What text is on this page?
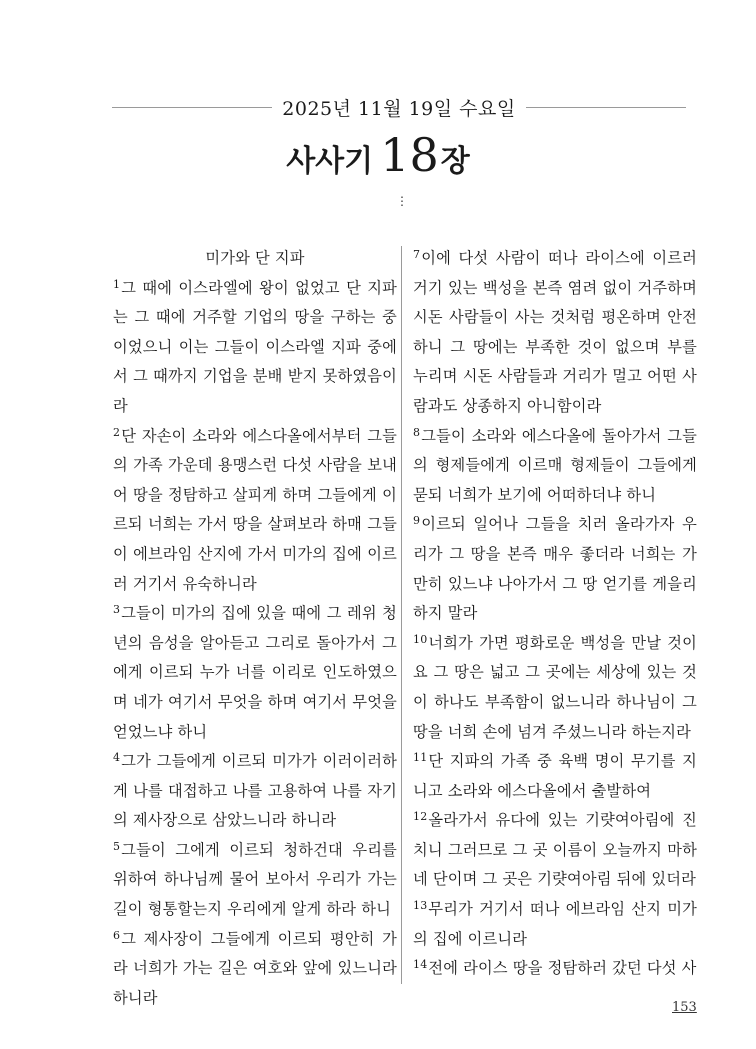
2025년 11월 19일 수요일
사사기 18장
⋮
미가와 단 지파

$^1$그 때에 이스라엘에 왕이 없었고 단 지파는 그 때에 거주할 기업의 땅을 구하는 중이었으니 이는 그들이 이스라엘 지파 중에서 그 때까지 기업을 분배 받지 못하였음이라

$^2$단 자손이 소라와 에스다올에서부터 그들의 가족 가운데 용맹스런 다섯 사람을 보내어 땅을 정탐하고 살피게 하며 그들에게 이르되 너희는 가서 땅을 살펴보라 하매 그들이 에브라임 산지에 가서 미가의 집에 이르러 거기서 유숙하니라

$^3$그들이 미가의 집에 있을 때에 그 레위 청년의 음성을 알아듣고 그리로 돌아가서 그에게 이르되 누가 너를 이리로 인도하였으며 네가 여기서 무엇을 하며 여기서 무엇을 얻었느냐 하니

$^4$그가 그들에게 이르되 미가가 이러이러하게 나를 대접하고 나를 고용하여 나를 자기의 제사장으로 삼았느니라 하니라

$^5$그들이 그에게 이르되 청하건대 우리를 위하여 하나님께 물어 보아서 우리가 가는 길이 형통할는지 우리에게 알게 하라 하니

$^6$그 제사장이 그들에게 이르되 평안히 가라 너희가 가는 길은 여호와 앞에 있느니라 하니라

$^7$이에 다섯 사람이 떠나 라이스에 이르러 거기 있는 백성을 본즉 염려 없이 거주하며 시돈 사람들이 사는 것처럼 평온하며 안전하니 그 땅에는 부족한 것이 없으며 부를 누리며 시돈 사람들과 거리가 멀고 어떤 사람과도 상종하지 아니함이라

$^8$그들이 소라와 에스다올에 돌아가서 그들의 형제들에게 이르매 형제들이 그들에게 묻되 너희가 보기에 어떠하더냐 하니

$^9$이르되 일어나 그들을 치러 올라가자 우리가 그 땅을 본즉 매우 좋더라 너희는 가만히 있느냐 나아가서 그 땅 얻기를 게을리 하지 말라

$^{10}$너희가 가면 평화로운 백성을 만날 것이요 그 땅은 넓고 그 곳에는 세상에 있는 것이 하나도 부족함이 없느니라 하나님이 그 땅을 너희 손에 넘겨 주셨느니라 하는지라

$^{11}$단 지파의 가족 중 육백 명이 무기를 지니고 소라와 에스다올에서 출발하여

$^{12}$올라가서 유다에 있는 기럇여아림에 진 치니 그러므로 그 곳 이름이 오늘까지 마하네 단이며 그 곳은 기럇여아림 뒤에 있더라

$^{13}$무리가 거기서 떠나 에브라임 산지 미가의 집에 이르니라

$^{14}$전에 라이스 땅을 정탐하러 갔던 다섯 사

153
